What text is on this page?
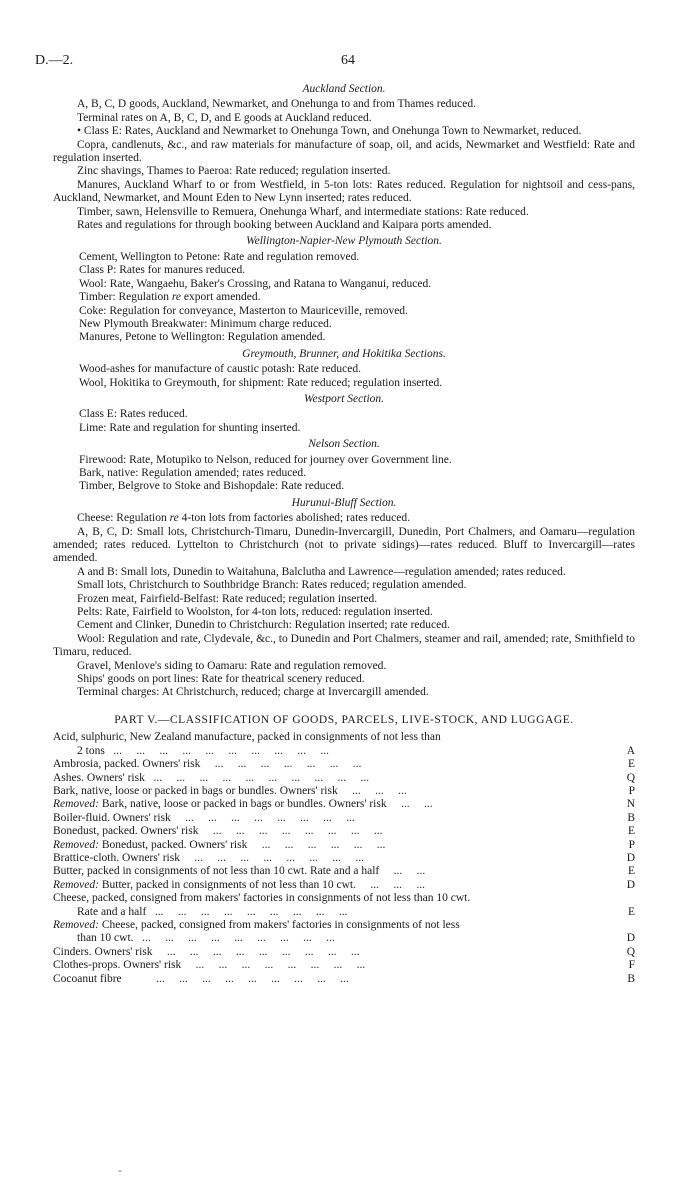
D.—2.	64
Auckland Section.
A, B, C, D goods, Auckland, Newmarket, and Onehunga to and from Thames reduced.
Terminal rates on A, B, C, D, and E goods at Auckland reduced.
• Class E: Rates, Auckland and Newmarket to Onehunga Town, and Onehunga Town to Newmarket, reduced.
Copra, candlenuts, &c., and raw materials for manufacture of soap, oil, and acids, Newmarket and Westfield: Rate and regulation inserted.
Zinc shavings, Thames to Paeroa: Rate reduced; regulation inserted.
Manures, Auckland Wharf to or from Westfield, in 5-ton lots: Rates reduced. Regulation for nightsoil and cess-pans, Auckland, Newmarket, and Mount Eden to New Lynn inserted; rates reduced.
Timber, sawn, Helensville to Remuera, Onehunga Wharf, and intermediate stations: Rate reduced.
Rates and regulations for through booking between Auckland and Kaipara ports amended.
Wellington-Napier-New Plymouth Section.
Cement, Wellington to Petone: Rate and regulation removed.
Class P: Rates for manures reduced.
Wool: Rate, Wangaehu, Baker's Crossing, and Ratana to Wanganui, reduced.
Timber: Regulation re export amended.
Coke: Regulation for conveyance, Masterton to Mauriceville, removed.
New Plymouth Breakwater: Minimum charge reduced.
Manures, Petone to Wellington: Regulation amended.
Greymouth, Brunner, and Hokitika Sections.
Wood-ashes for manufacture of caustic potash: Rate reduced.
Wool, Hokitika to Greymouth, for shipment: Rate reduced; regulation inserted.
Westport Section.
Class E: Rates reduced.
Lime: Rate and regulation for shunting inserted.
Nelson Section.
Firewood: Rate, Motupiko to Nelson, reduced for journey over Government line.
Bark, native: Regulation amended; rates reduced.
Timber, Belgrove to Stoke and Bishopdale: Rate reduced.
Hurunui-Bluff Section.
Cheese: Regulation re 4-ton lots from factories abolished; rates reduced.
A, B, C, D: Small lots, Christchurch-Timaru, Dunedin-Invercargill, Dunedin, Port Chalmers, and Oamaru—regulation amended; rates reduced. Lyttelton to Christchurch (not to private sidings)—rates reduced. Bluff to Invercargill—rates amended.
A and B: Small lots, Dunedin to Waitahuna, Balclutha and Lawrence—regulation amended; rates reduced.
Small lots, Christchurch to Southbridge Branch: Rates reduced; regulation amended.
Frozen meat, Fairfield-Belfast: Rate reduced; regulation inserted.
Pelts: Rate, Fairfield to Woolston, for 4-ton lots, reduced: regulation inserted.
Cement and Clinker, Dunedin to Christchurch: Regulation inserted; rate reduced.
Wool: Regulation and rate, Clydevale, &c., to Dunedin and Port Chalmers, steamer and rail, amended; rate, Smithfield to Timaru, reduced.
Gravel, Menlove's siding to Oamaru: Rate and regulation removed.
Ships' goods on port lines: Rate for theatrical scenery reduced.
Terminal charges: At Christchurch, reduced; charge at Invercargill amended.
PART V.—CLASSIFICATION OF GOODS, PARCELS, LIVE-STOCK, AND LUGGAGE.
Acid, sulphuric, New Zealand manufacture, packed in consignments of not less than
2 tons   ...     ...     ...     ...     ...     ...     ...     ...     ...     ...	A
Ambrosia, packed. Owners' risk     ...     ...     ...     ...     ...     ...     ...	E
Ashes. Owners' risk   ...     ...     ...     ...     ...     ...     ...     ...     ...     ...	Q
Bark, native, loose or packed in bags or bundles. Owners' risk     ...     ...     ...	P
Removed: Bark, native, loose or packed in bags or bundles. Owners' risk     ...     ...	N
Boiler-fluid. Owners' risk     ...     ...     ...     ...     ...     ...     ...     ...	B
Bonedust, packed. Owners' risk     ...     ...     ...     ...     ...     ...     ...     ...	E
Removed: Bonedust, packed. Owners' risk     ...     ...     ...     ...     ...     ...	P
Brattice-cloth. Owners' risk     ...     ...     ...     ...     ...     ...     ...     ...	D
Butter, packed in consignments of not less than 10 cwt. Rate and a half     ...     ...	E
Removed: Butter, packed in consignments of not less than 10 cwt.     ...     ...     ...	D
Cheese, packed, consigned from makers' factories in consignments of not less than 10 cwt.
Rate and a half   ...     ...     ...     ...     ...     ...     ...     ...     ...	E
Removed: Cheese, packed, consigned from makers' factories in consignments of not less
than 10 cwt.   ...     ...     ...     ...     ...     ...     ...     ...     ...	D
Cinders. Owners' risk     ...     ...     ...     ...     ...     ...     ...     ...     ...	Q
Clothes-props. Owners' risk     ...     ...     ...     ...     ...     ...     ...     ...	F
Cocoanut fibre            ...     ...     ...     ...     ...     ...     ...     ...     ...	B
-
